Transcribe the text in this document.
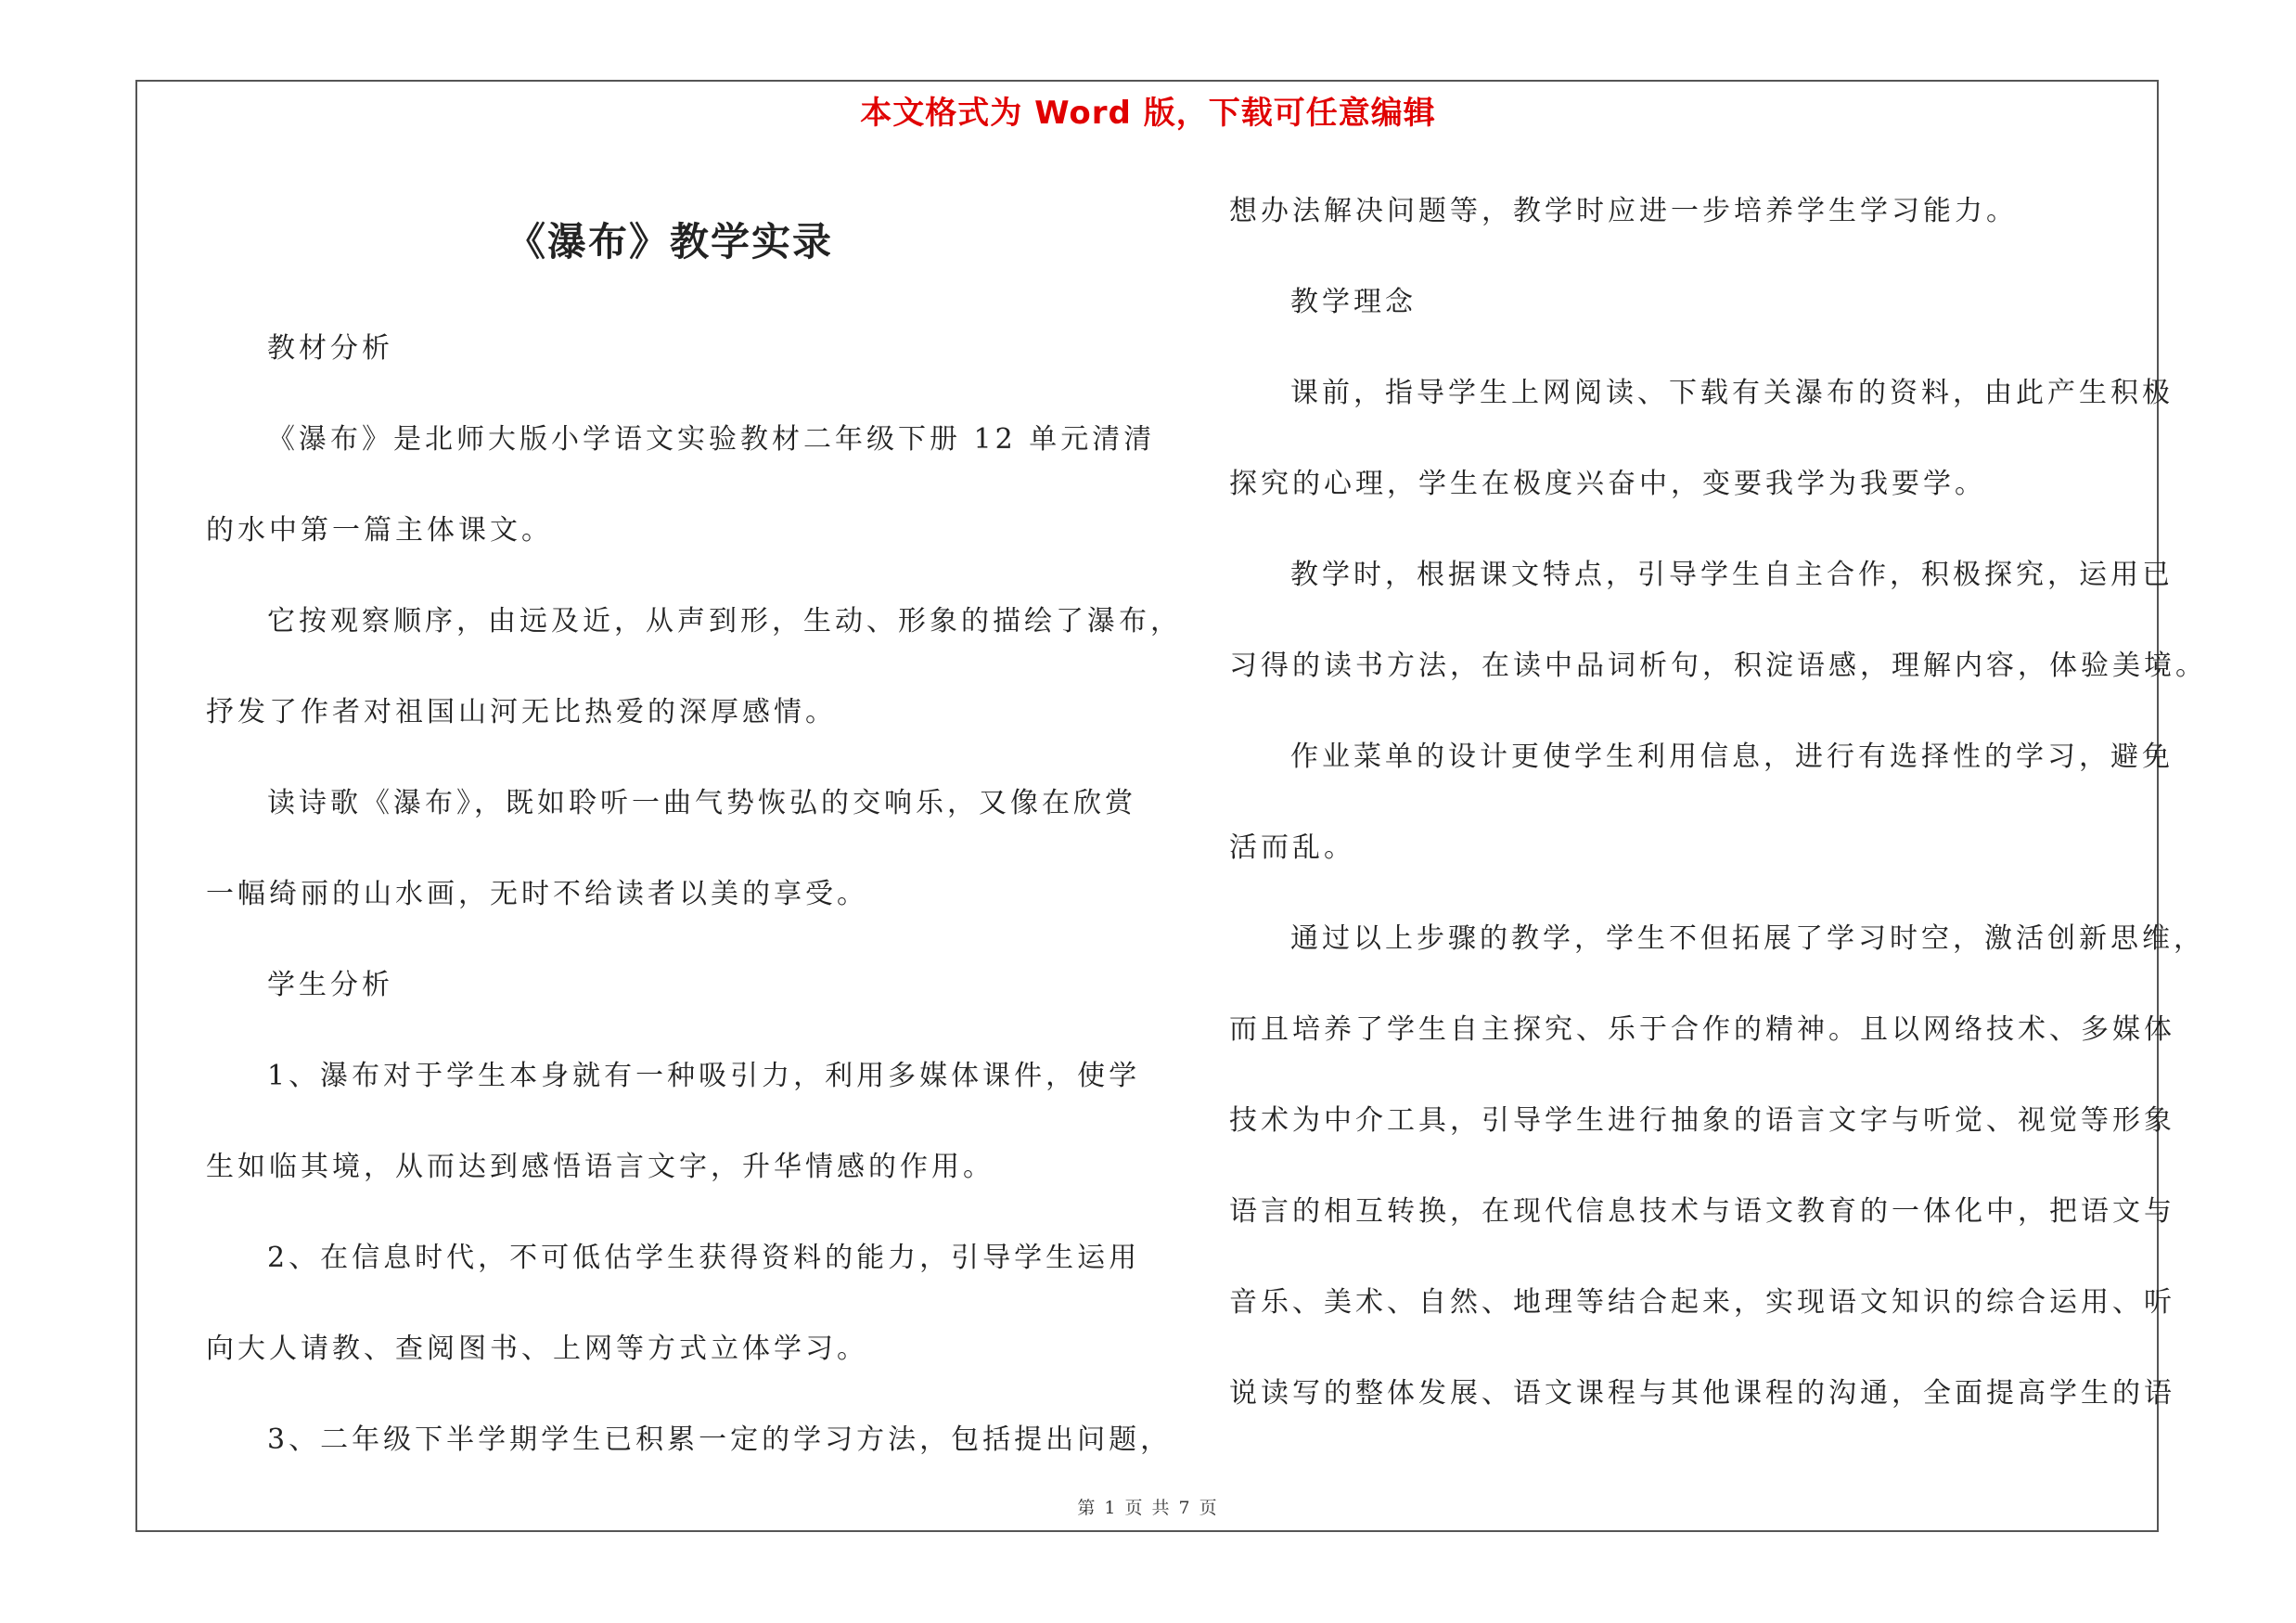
本文格式为 Word 版，下载可任意编辑
《瀑布》教学实录
教材分析
《瀑布》是北师大版小学语文实验教材二年级下册 12 单元清清
的水中第一篇主体课文。
它按观察顺序，由远及近，从声到形，生动、形象的描绘了瀑布，
抒发了作者对祖国山河无比热爱的深厚感情。
读诗歌《瀑布》，既如聆听一曲气势恢弘的交响乐，又像在欣赏
一幅绮丽的山水画，无时不给读者以美的享受。
学生分析
1、瀑布对于学生本身就有一种吸引力，利用多媒体课件，使学
生如临其境，从而达到感悟语言文字，升华情感的作用。
2、在信息时代，不可低估学生获得资料的能力，引导学生运用
向大人请教、查阅图书、上网等方式立体学习。
3、二年级下半学期学生已积累一定的学习方法，包括提出问题，
想办法解决问题等，教学时应进一步培养学生学习能力。
教学理念
课前，指导学生上网阅读、下载有关瀑布的资料，由此产生积极
探究的心理，学生在极度兴奋中，变要我学为我要学。
教学时，根据课文特点，引导学生自主合作，积极探究，运用已
习得的读书方法，在读中品词析句，积淀语感，理解内容，体验美境。
作业菜单的设计更使学生利用信息，进行有选择性的学习，避免
活而乱。
通过以上步骤的教学，学生不但拓展了学习时空，激活创新思维，
而且培养了学生自主探究、乐于合作的精神。且以网络技术、多媒体
技术为中介工具，引导学生进行抽象的语言文字与听觉、视觉等形象
语言的相互转换，在现代信息技术与语文教育的一体化中，把语文与
音乐、美术、自然、地理等结合起来，实现语文知识的综合运用、听
说读写的整体发展、语文课程与其他课程的沟通，全面提高学生的语
第 1 页 共 7 页
